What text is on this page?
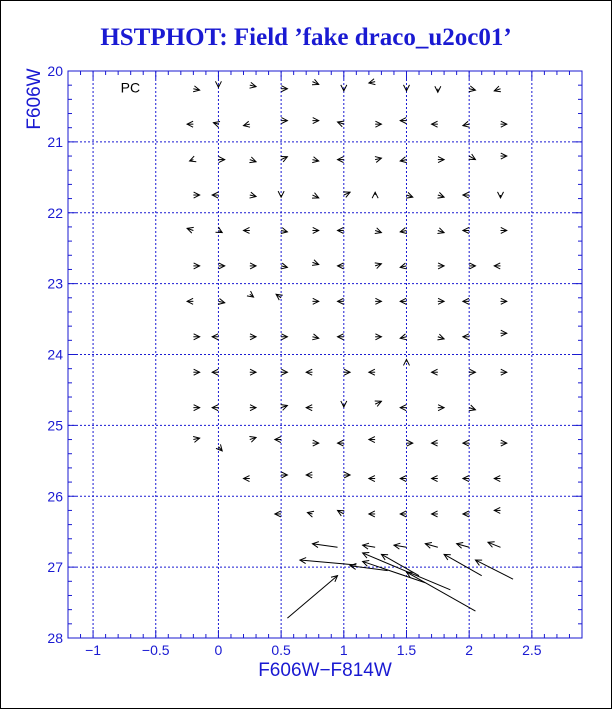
HSTPHOT: Field ’fake draco_u2oc01’
−1	−0.5	0	0.5	1	1.5	2	2.5
20
21
22
23
24
25
26
27
28
F606W−F814W
F606W	PC
